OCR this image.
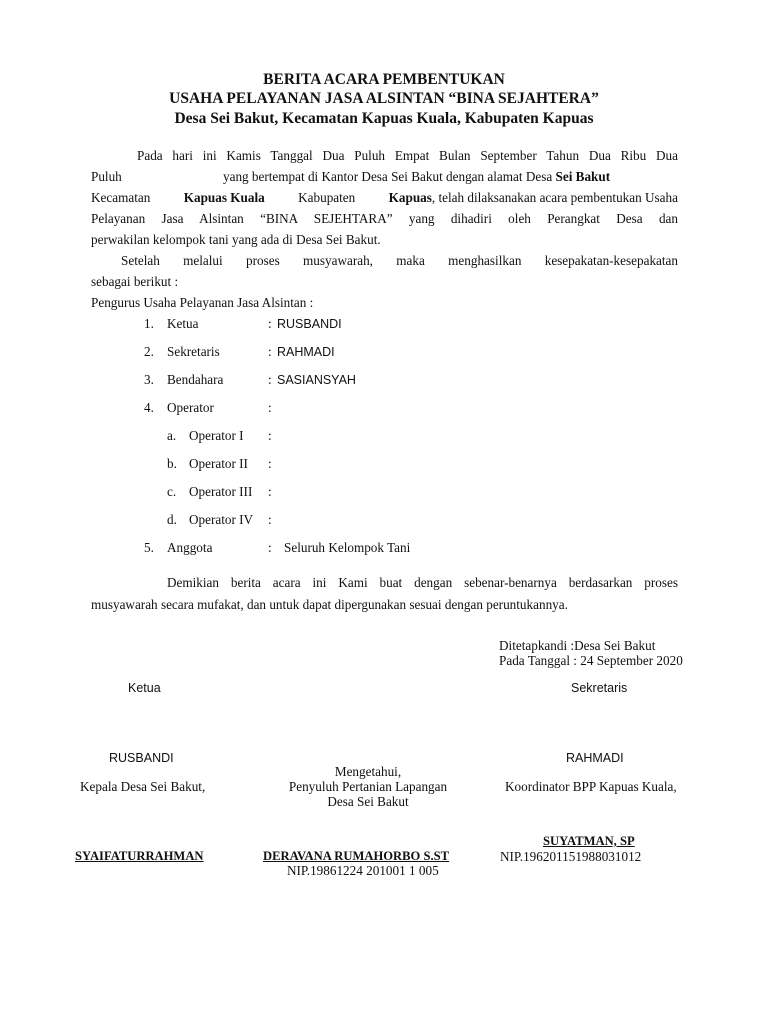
BERITA ACARA PEMBENTUKAN
USAHA PELAYANAN JASA ALSINTAN “BINA SEJAHTERA”
Desa Sei Bakut, Kecamatan Kapuas Kuala, Kabupaten Kapuas
Pada hari ini Kamis Tanggal Dua Puluh Empat Bulan September Tahun Dua Ribu Dua
Puluh	yang bertempat di Kantor Desa Sei Bakut dengan alamat Desa Sei Bakut
Kecamatan	Kapuas Kuala	Kabupaten	Kapuas, telah dilaksanakan acara pembentukan Usaha
Pelayanan Jasa Alsintan “BINA SEJEHTARA” yang dihadiri oleh Perangkat Desa dan
perwakilan kelompok tani yang ada di Desa Sei Bakut.
Setelah melalui proses musyawarah, maka menghasilkan kesepakatan-kesepakatan
sebagai berikut :
Pengurus Usaha Pelayanan Jasa Alsintan :
1. Ketua	: RUSBANDI
2. Sekretaris	: RAHMADI
3. Bendahara	: SASIANSYAH
4. Operator	:
a. Operator I :
b. Operator II :
c. Operator III :
d. Operator IV :
5. Anggota	: Seluruh Kelompok Tani
Demikian berita acara ini Kami buat dengan sebenar-benarnya berdasarkan proses
musyawarah secara mufakat, dan untuk dapat dipergunakan sesuai dengan peruntukannya.
Ditetapkandi :Desa Sei Bakut
Pada Tanggal : 24 September 2020
Ketua	Sekretaris
RUSBANDI	RAHMADI
Mengetahui,
Kepala Desa Sei Bakut,	Penyuluh Pertanian Lapangan	Koordinator BPP Kapuas Kuala,
Desa Sei Bakut
SUYATMAN, SP
SYAIFATURRAHMAN	DERAVANA RUMAHORBO S.ST	NIP.196201151988031012
NIP.19861224 201001 1 005
